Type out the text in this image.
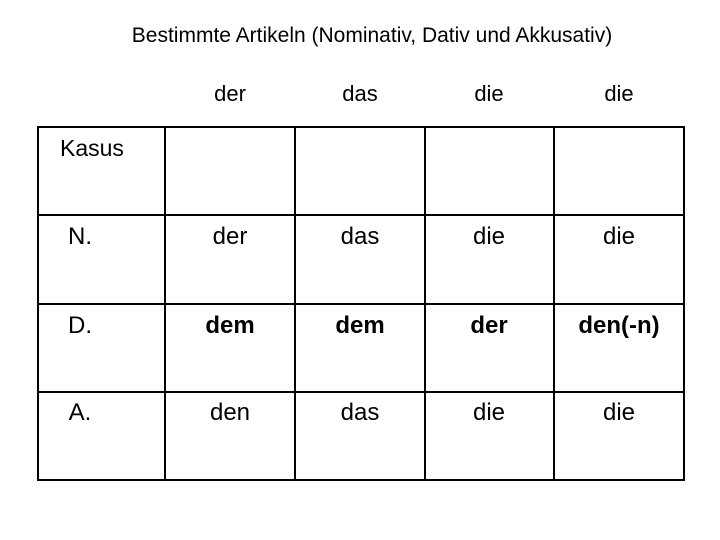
Bestimmte Artikeln (Nominativ, Dativ und Akkusativ)
der	das	die	die
Kasus
N.	der	das	die	die
D.	dem	dem	der	den(-n)
A.	den	das	die	die
